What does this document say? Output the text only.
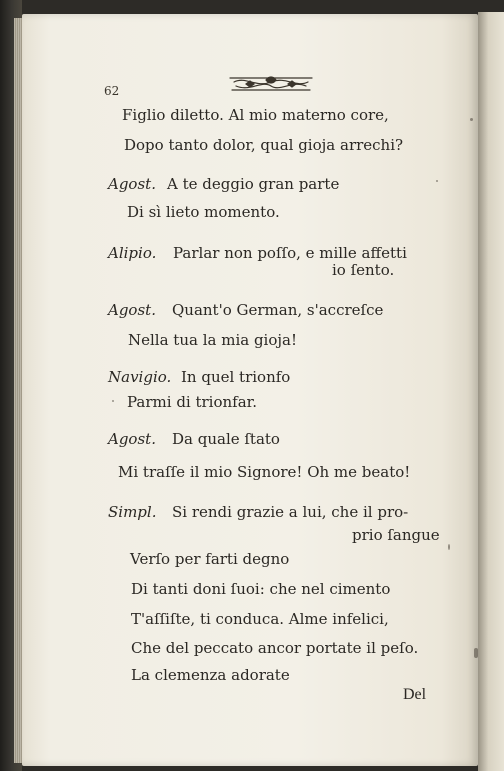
62
Figlio diletto. Al mio materno core,
Dopo tanto dolor, qual gioja arrechi?
Agost. A te deggio gran parte
Di sì lieto momento.
Alipio. Parlar non poſſo, e mille affetti
io ſento.
Agost. Quant'o German, s'accreſce
Nella tua la mia gioja!
Navigio. In quel trionfo
Parmi di trionfar.
Agost. Da quale ſtato
Mi traſſe il mio Signore! Oh me beato!
Simpl. Si rendi grazie a lui, che il pro-
prio ſangue
Verſo per farti degno
Di tanti doni ſuoi: che nel cimento
T'aſſiſte, ti conduca. Alme infelici,
Che del peccato ancor portate il peſo.
La clemenza adorate
Del
